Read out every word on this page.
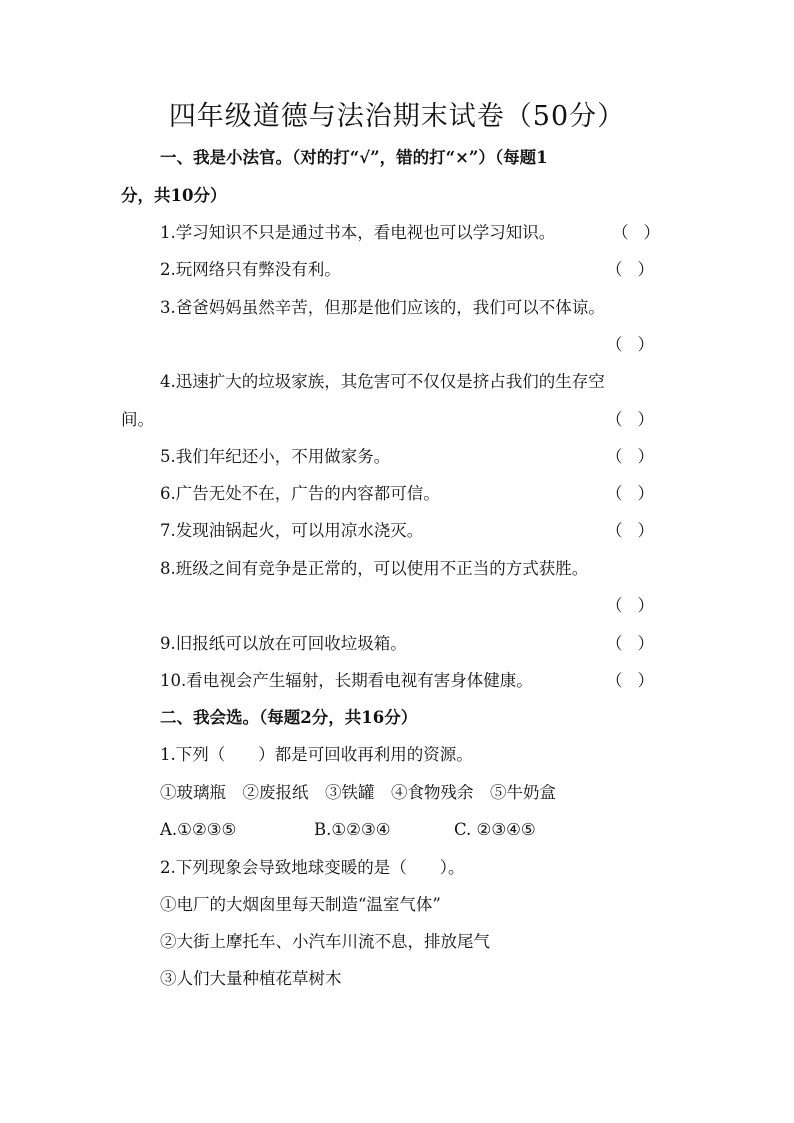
四年级道德与法治期末试卷（50分）
一、我是小法官。（对的打“√”，错的打“×”）（每题1
分，共10分）
1.学习知识不只是通过书本，看电视也可以学习知识。	（ ）
2.玩网络只有弊没有利。	（ ）
3.爸爸妈妈虽然辛苦，但那是他们应该的，我们可以不体谅。
（ ）
4.迅速扩大的垃圾家族，其危害可不仅仅是挤占我们的生存空
间。	（ ）
5.我们年纪还小，不用做家务。	（ ）
6.广告无处不在，广告的内容都可信。	（ ）
7.发现油锅起火，可以用凉水浇灭。	（ ）
8.班级之间有竞争是正常的，可以使用不正当的方式获胜。
（ ）
9.旧报纸可以放在可回收垃圾箱。	（ ）
10.看电视会产生辐射，长期看电视有害身体健康。	（ ）
二、我会选。（每题2分，共16分）
1.下列（　　）都是可回收再利用的资源。
①玻璃瓶　②废报纸　③铁罐　④食物残余　⑤牛奶盒
A.①②③⑤	B.①②③④	C. ②③④⑤
2.下列现象会导致地球变暖的是（　　）。
①电厂的大烟囱里每天制造“温室气体”
②大街上摩托车、小汽车川流不息，排放尾气
③人们大量种植花草树木
